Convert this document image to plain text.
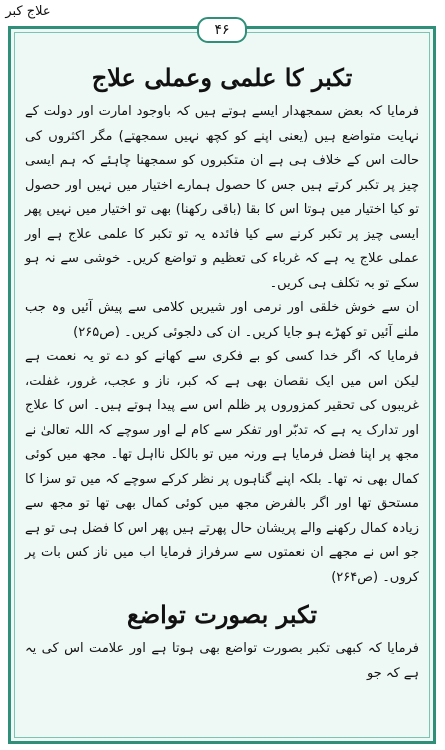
علاج کبر
۴۶
تکبر کا علمی وعملی علاج

فرمایا کہ بعض سمجھدار ایسے ہوتے ہیں کہ باوجود امارت اور دولت کے نہایت متواضع ہیں (یعنی اپنے کو کچھ نہیں سمجھتے) مگر اکثروں کی حالت اس کے خلاف ہی ہے ان متکبروں کو سمجھنا چاہئے کہ ہم ایسی چیز پر تکبر کرتے ہیں جس کا حصول ہمارے اختیار میں نہیں اور حصول تو کیا اختیار میں ہوتا اس کا بقا (باقی رکھنا) بھی تو اختیار میں نہیں پھر ایسی چیز پر تکبر کرنے سے کیا فائدہ یہ تو تکبر کا علمی علاج ہے اور عملی علاج یہ ہے کہ غرباء کی تعظیم و تواضع کریں۔ خوشی سے نہ ہو سکے تو بہ تکلف ہی کریں۔

ان سے خوش خلقی اور نرمی اور شیریں کلامی سے پیش آئیں وہ جب ملنے آئیں تو کھڑے ہو جایا کریں۔ ان کی دلجوئی کریں۔ (ص۲۶۵)

فرمایا کہ اگر خدا کسی کو بے فکری سے کھانے کو دے تو یہ نعمت ہے لیکن اس میں ایک نقصان بھی ہے کہ کبر، ناز و عجب، غرور، غفلت، غریبوں کی تحقیر کمزوروں پر ظلم اس سے پیدا ہوتے ہیں۔ اس کا علاج اور تدارک یہ ہے کہ تدبّر اور تفکر سے کام لے اور سوچے کہ اللہ تعالیٰ نے مجھ پر اپنا فضل فرمایا ہے ورنہ میں تو بالکل نااہل تھا۔ مجھ میں کوئی کمال بھی نہ تھا۔ بلکہ اپنے گناہوں پر نظر کرکے سوچے کہ میں تو سزا کا مستحق تھا اور اگر بالفرض مجھ میں کوئی کمال بھی تھا تو مجھ سے زیادہ کمال رکھنے والے پریشان حال پھرتے ہیں پھر اس کا فضل ہی تو ہے جو اس نے مجھے ان نعمتوں سے سرفراز فرمایا اب میں ناز کس بات پر کروں۔ (ص۲۶۴)

تکبر بصورت تواضع

فرمایا کہ کبھی تکبر بصورت تواضع بھی ہوتا ہے اور علامت اس کی یہ ہے کہ جو
